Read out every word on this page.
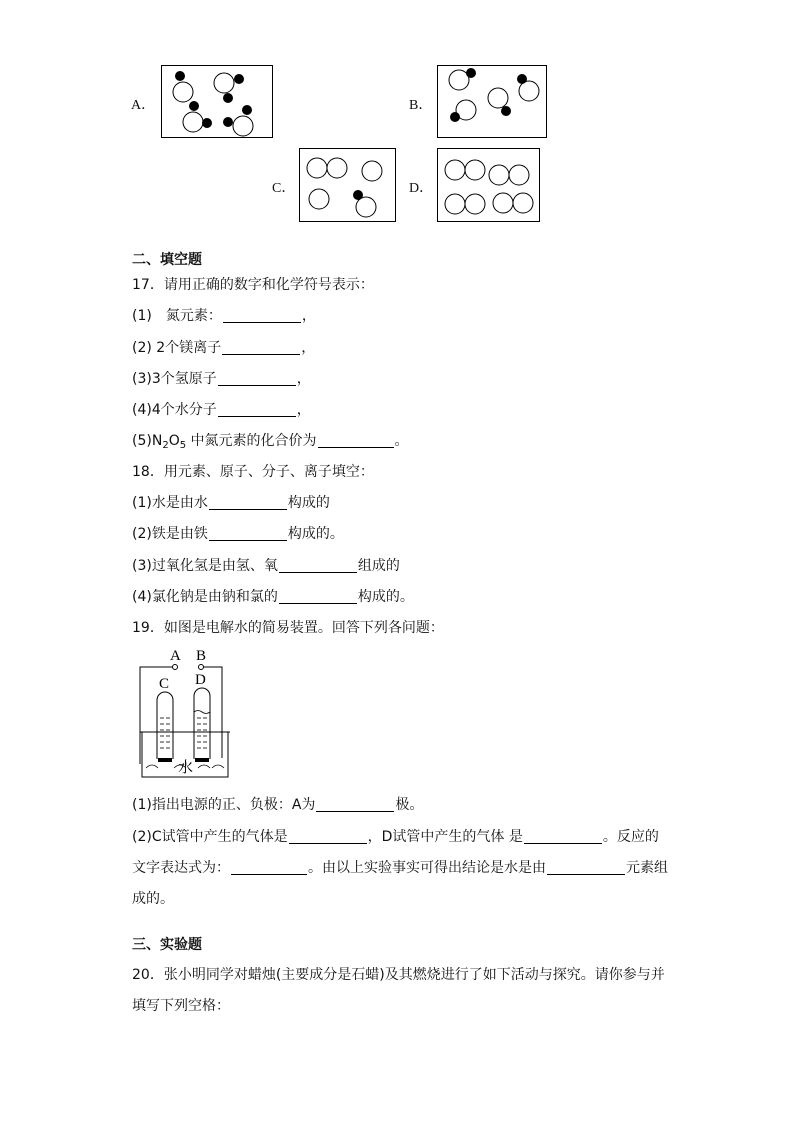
A．	B．
C．	D．
二、填空题
17．请用正确的数字和化学符号表示：
(1)　氮元素：	，
(2) 2个镁离子	，
(3)3个氢原子	，
(4)4个水分子	，
$(5)N_2O_5$ 中氮元素的化合价为	。
18．用元素、原子、分子、离子填空：
(1)水是由水	构成的
(2)铁是由铁	构成的。
(3)过氧化氢是由氢、氧	组成的
(4)氯化钠是由钠和氯的	构成的。
19．如图是电解水的简易装置。回答下列各问题：
A B
C D
水
(1)指出电源的正、负极：A为	极。
(2)C试管中产生的气体是	，D试管中产生的气体 是	。反应的
文字表达式为：	。由以上实验事实可得出结论是水是由	元素组
成的。
三、实验题
20．张小明同学对蜡烛(主要成分是石蜡)及其燃烧进行了如下活动与探究。请你参与并
填写下列空格：
